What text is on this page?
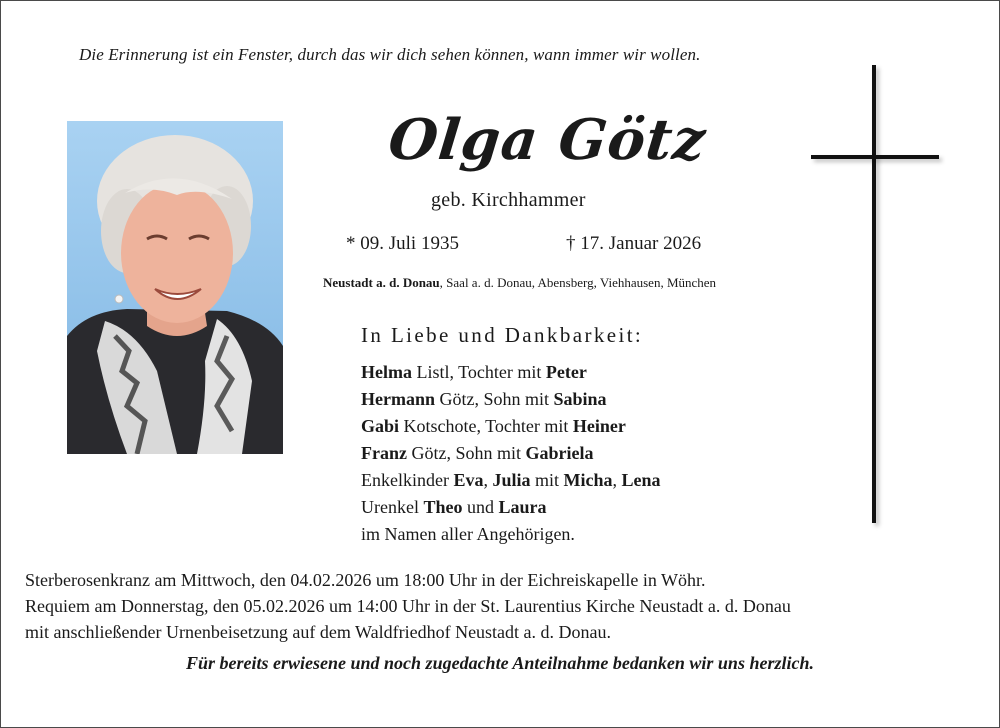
Die Erinnerung ist ein Fenster, durch das wir dich sehen können, wann immer wir wollen.
Olga Götz
geb. Kirchhammer
* 09. Juli 1935	† 17. Januar 2026
Neustadt a. d. Donau, Saal a. d. Donau, Abensberg, Viehhausen, München
In Liebe und Dankbarkeit:
Helma Listl, Tochter mit Peter
Hermann Götz, Sohn mit Sabina
Gabi Kotschote, Tochter mit Heiner
Franz Götz, Sohn mit Gabriela
Enkelkinder Eva, Julia mit Micha, Lena
Urenkel Theo und Laura
im Namen aller Angehörigen.
Sterberosenkranz am Mittwoch, den 04.02.2026 um 18:00 Uhr in der Eichreiskapelle in Wöhr.
Requiem am Donnerstag, den 05.02.2026 um 14:00 Uhr in der St. Laurentius Kirche Neustadt a. d. Donau
mit anschließender Urnenbeisetzung auf dem Waldfriedhof Neustadt a. d. Donau.
Für bereits erwiesene und noch zugedachte Anteilnahme bedanken wir uns herzlich.
